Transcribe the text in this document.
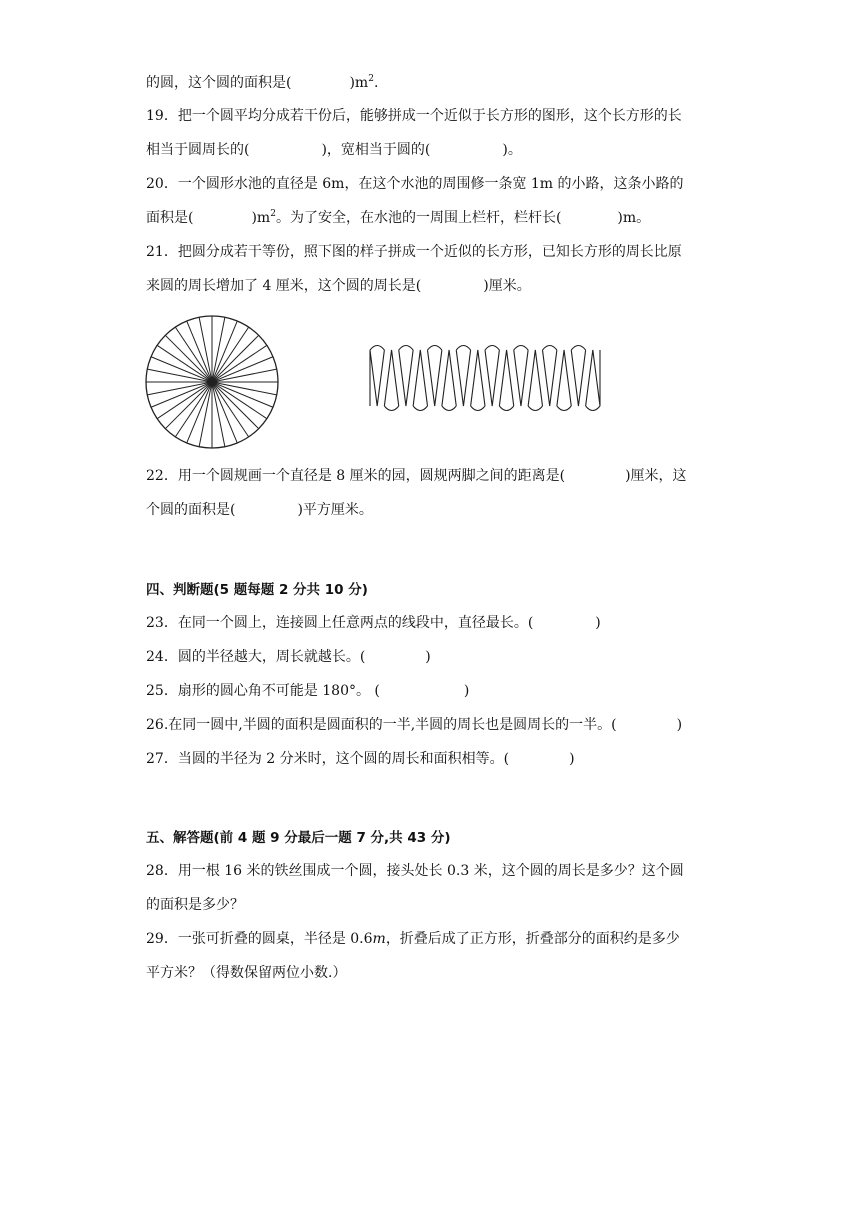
的圆，这个圆的面积是(	)$m^2$.
19．把一个圆平均分成若干份后，能够拼成一个近似于长方形的图形，这个长方形的长
相当于圆周长的(	)，宽相当于圆的(	)。
20．一个圆形水池的直径是 6m，在这个水池的周围修一条宽 1m 的小路，这条小路的
面积是(	)$m^2$。为了安全，在水池的一周围上栏杆，栏杆长(	)m。
21．把圆分成若干等份，照下图的样子拼成一个近似的长方形，已知长方形的周长比原
来圆的周长增加了 4 厘米，这个圆的周长是(	)厘米。
22．用一个圆规画一个直径是 8 厘米的园，圆规两脚之间的距离是(	)厘米，这
个圆的面积是(	)平方厘米。
四、判断题(5 题每题 2 分共 10 分)
23．在同一个圆上，连接圆上任意两点的线段中，直径最长。(	)
24．圆的半径越大，周长就越长。(	)
25．扇形的圆心角不可能是 180°。 (	)
26.在同一圆中,半圆的面积是圆面积的一半,半圆的周长也是圆周长的一半。(	)
27．当圆的半径为 2 分米时，这个圆的周长和面积相等。(	)
五、解答题(前 4 题 9 分最后一题 7 分,共 43 分)
28．用一根 16 米的铁丝围成一个圆，接头处长 0.3 米，这个圆的周长是多少？这个圆
的面积是多少？
29．一张可折叠的圆桌，半径是 0.6m，折叠后成了正方形，折叠部分的面积约是多少
平方米？（得数保留两位小数.）
